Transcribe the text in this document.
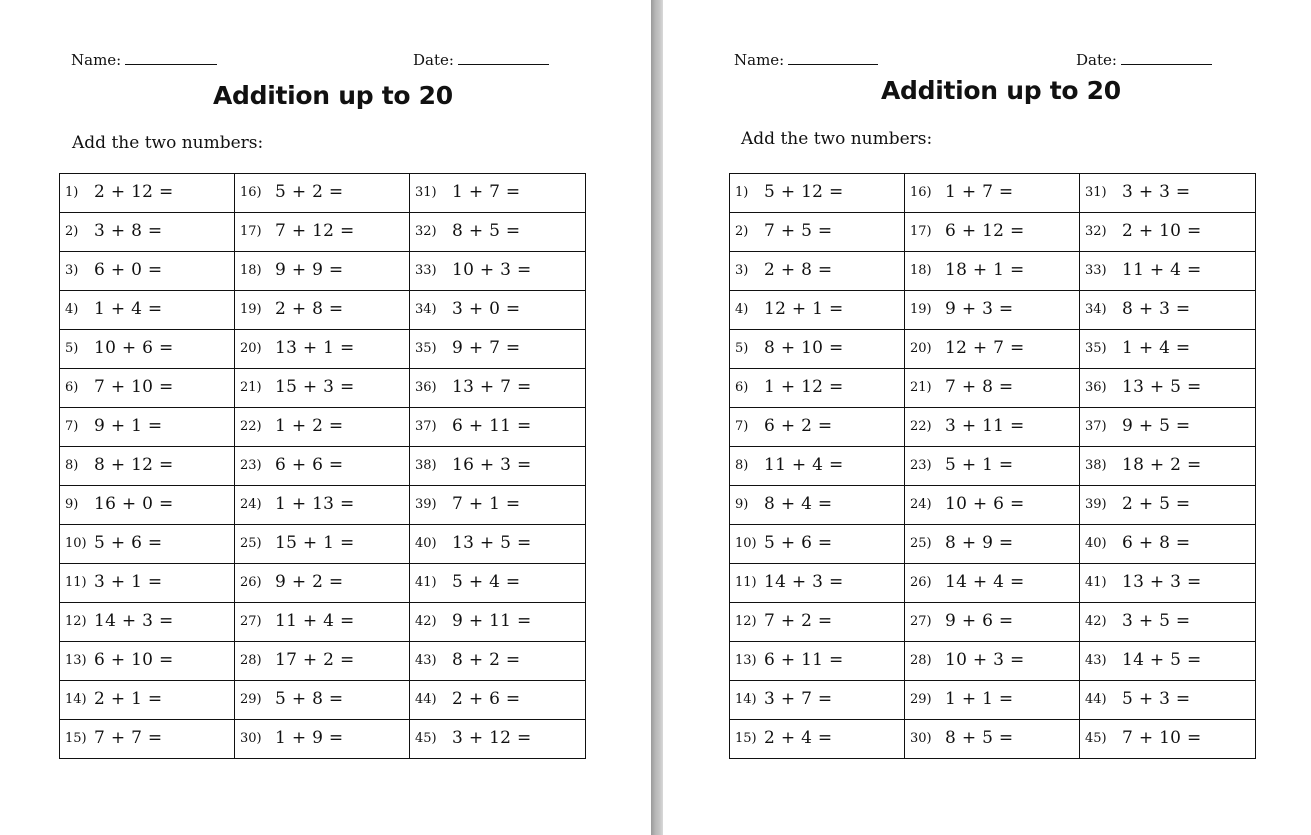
Name:	Date:
Addition up to 20
Add the two numbers:
1) 2 + 12 =	16) 5 + 2 =	31) 1 + 7 =

2) 3 + 8 =	17) 7 + 12 =	32) 8 + 5 =

3) 6 + 0 =	18) 9 + 9 =	33) 10 + 3 =

4) 1 + 4 =	19) 2 + 8 =	34) 3 + 0 =

5) 10 + 6 =	20) 13 + 1 =	35) 9 + 7 =

6) 7 + 10 =	21) 15 + 3 =	36) 13 + 7 =

7) 9 + 1 =	22) 1 + 2 =	37) 6 + 11 =

8) 8 + 12 =	23) 6 + 6 =	38) 16 + 3 =

9) 16 + 0 =	24) 1 + 13 =	39) 7 + 1 =

10) 5 + 6 =	25) 15 + 1 =	40) 13 + 5 =

11) 3 + 1 =	26) 9 + 2 =	41) 5 + 4 =

12) 14 + 3 =	27) 11 + 4 =	42) 9 + 11 =

13) 6 + 10 =	28) 17 + 2 =	43) 8 + 2 =

14) 2 + 1 =	29) 5 + 8 =	44) 2 + 6 =

15) 7 + 7 =	30) 1 + 9 =	45) 3 + 12 =
Name:	Date:
Addition up to 20
Add the two numbers:
1) 5 + 12 =	16) 1 + 7 =	31) 3 + 3 =

2) 7 + 5 =	17) 6 + 12 =	32) 2 + 10 =

3) 2 + 8 =	18) 18 + 1 =	33) 11 + 4 =

4) 12 + 1 =	19) 9 + 3 =	34) 8 + 3 =

5) 8 + 10 =	20) 12 + 7 =	35) 1 + 4 =

6) 1 + 12 =	21) 7 + 8 =	36) 13 + 5 =

7) 6 + 2 =	22) 3 + 11 =	37) 9 + 5 =

8) 11 + 4 =	23) 5 + 1 =	38) 18 + 2 =

9) 8 + 4 =	24) 10 + 6 =	39) 2 + 5 =

10) 5 + 6 =	25) 8 + 9 =	40) 6 + 8 =

11) 14 + 3 =	26) 14 + 4 =	41) 13 + 3 =

12) 7 + 2 =	27) 9 + 6 =	42) 3 + 5 =

13) 6 + 11 =	28) 10 + 3 =	43) 14 + 5 =

14) 3 + 7 =	29) 1 + 1 =	44) 5 + 3 =

15) 2 + 4 =	30) 8 + 5 =	45) 7 + 10 =
